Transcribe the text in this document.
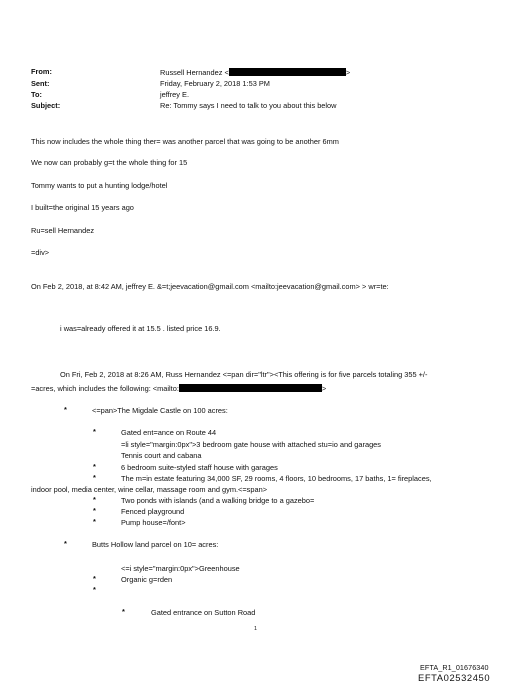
From:	Russell Hernandez <	>
Sent:	Friday, February 2, 2018 1:53 PM
To:	jeffrey E.
Subject:	Re: Tommy says I need to talk to you about this below
This now includes the whole thing ther= was another parcel that was going to be another 6mm
We now can probably g=t the whole thing for 15
Tommy wants to put a hunting lodge/hotel
I built=the original 15 years ago
Ru=sell Hernandez
=div>
On Feb 2, 2018, at 8:42 AM, jeffrey E. &=t;jeevacation@gmail.com <mailto:jeevacation@gmail.com> > wr=te:
i was=already offered it at 15.5 . listed price 16.9.
On Fri, Feb 2, 2018 at 8:26 AM, Russ Hernandez <=pan dir="ltr"><This offering is for five parcels totaling 355 +/-
=acres, which includes the following: <mailto:	>
*	<=pan>The Migdale Castle on 100 acres:
*	Gated ent=ance on Route 44
=li style="margin:0px">3 bedroom gate house with attached stu=io and garages
Tennis court and cabana
*	6 bedroom suite-styled staff house with garages
*	The m=in estate featuring 34,000 SF, 29 rooms, 4 floors, 10 bedrooms, 17 baths, 1= fireplaces,
indoor pool, media center, wine cellar, massage room and gym.<=span>
*	Two ponds with islands (and a walking bridge to a gazebo=
*	Fenced playground
*	Pump house=/font>
*	Butts Hollow land parcel on 10= acres:
<=i style="margin:0px">Greenhouse
*	Organic g=rden
*
*	Gated entrance on Sutton Road
1
EFTA_R1_01676340
EFTA02532450
